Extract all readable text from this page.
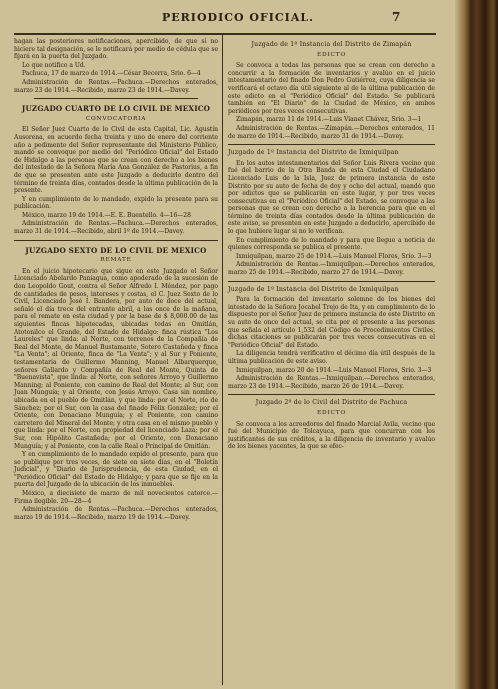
PERIODICO OFICIAL.	7

hagan las posteriores notificaciones, apercibido, de que si no hiciere tal designación, se le notificará por medio de cédula que se fijará en la puerta del Juzgado.

Lo que notifico a Ud.

Pachuca, 17 de marzo de 1914.—César Becerra, Srio. 6—4

Administración de Rentas.—Pachuca.—Derechos enterados, marzo 23 de 1914.—Recibido, marzo 23 de 1914.—Davey.

JUZGADO CUARTO DE LO CIVIL DE MEXICO
CONVOCATORIA

El Señor Juez Cuarto de lo Civil de esta Capital, Lic. Agustín Ausorena, en acuerdo fecha treinta y uno de enero del corriente año a pedimento del Señor representante del Ministerio Público, mandó se convoque por medio del "Periódico Oficial" del Estado de Hidalgo a las personas que se crean con derecho a los bienes del intestado de la Señora María Ana González de Pastorius, a fin de que se presenten ante este Juzgado a deducirlo dentro del término de treinta días, contados desde la última publicación de la presente.

Y en cumplimiento de lo mandado, expido la presente para su publicación.

México, marzo 19 de 1914.—E. E. Buentello. 4—16—28

Administración de Rentas.—Pachuca.—Derechos enterados, marzo 31 de 1914.—Recibido, abril 1º de 1914.—Davey.

JUZGADO SEXTO DE LO CIVIL DE MEXICO
REMATE

En el juicio hipotecario que sigue en este Juzgado el Señor Licenciado Abelardo Paniagua, como apoderado de la sucesión de don Leopoldo Gout, contra el Señor Alfredo I. Méndez, por pago de cantidades de pesos, intereses y costas, el C. Juez Sexto de lo Civil, Licenciado José I. Bandera, por auto de doce del actual, señaló el día trece del entrante abril, a las once de la mañana, para el remate en esta ciudad y por la base de $ 8,000.00 de las siguientes fincas hipotecadas, ubicadas todas en Omitlán, Atotonilco el Grande, del Estado de Hidalgo: finca rústica "Los Laureles" que linda: al Norte, con terrenos de la Compañía de Real del Monte, de Manuel Bustamante, Sotero Castañeda y finca "La Venta"; al Oriente, finca de "La Venta"; y al Sur y Poniente, testamentaría de Guillermo Manning, Manuel Albarquerque, señores Gallardo y Compañía de Real del Monte, Quinta de "Buenavista", que linda: al Norte, con señores Arroyo y Guillermo Manning; al Poniente, con camino de Real del Monte; al Sur, con Juan Munguía; y al Oriente, con Jesús Arroyo. Casa sin nombre, ubicada en el pueblo de Omitlán, y que linda: por el Norte, río de Sánchez; por el Sur, con la casa del finado Félix González; por el Oriente, con Donaciano Munguía; y el Poniente, con camino carretero del Mineral del Monte; y otra casa en el mismo pueblo y que linda: por el Norte, con propiedad del licenciado Laza; por el Sur, con Hipólito Castañeda; por el Oriente, con Donaciano Munguía; y al Poniente, con la calle Real o Principal de Omitlán.

Y en cumplimiento de lo mandado expido el presente, para que se publique por tres veces, de siete en siete días, en el "Boletín Judicial", y "Diario de Jurisprudencia, de esta Ciudad, en el "Periódico Oficial" del Estado de Hidalgo; y para que se fije en la puerta del Juzgado de la ubicación de los inmuebles.

México, a diecisiete de marzo de mil novecientos catorce.—Firma ilegible. 20—28—4

Administración de Rentas.—Pachuca.—Derechos enterados, marzo 19 de 1914.—Recibido, marzo 19 de 1914.—Davey.

Juzgado de 1º Instancia del Distrito de Zimapán
EDICTO

Se convoca a todas las personas que se crean con derecho a concurrir a la formación de inventarios y avalúo en el juicio intestamentario del finado Don Pedro Gutiérrez, cuya diligencia se verificará el octavo día útil siguiente al de la última publicación de este edicto en el "Periódico Oficial" del Estado. Se publicará también en "El Diario" de la Ciudad de México, en ambos periódicos por tres veces consecutivas.

Zimapán, marzo 11 de 1914.—Luis Vianet Chávez, Srio. 3—1

Administración de Rentas.—Zimapán.—Derechos enterados, 11 de marzo de 1914.—Recibido, marzo 31 de 1914.—Davey.

Juzgado de 1º Instancia del Distrito de Ixmiquilpan

En los autos intestamentarios del Señor Luis Rivera vecino que fué del barrio de la Otra Banda de esta Ciudad el Ciudadano Licenciado Luis de la Isla, Juez de primera instancia de este Distrito por su auto de fecha de doy y ocho del actual, mandó que por edictos que se publicarán en este lugar, y por tres veces consecutivas en el "Periódico Oficial" del Estado, se convoque a las personas que se crean con derecho a la herencia para que en el término de treinta días contados desde la última publicación de este aviso, se presenten en este Juzgado a deducirlo, apercibido de lo que hubiere lugar si no lo verifican.

En cumplimiento de lo mandado y para que llegue a noticia de quienes corresponda se publica el presente.

Ixmiquilpan, marzo 25 de 1914.—Luis Manuel Flores, Srio. 3—3

Administración de Rentas.—Ixmiquilpan.—Derechos enterados, marzo 25 de 1914.—Recibido, marzo 27 de 1914.—Davey.

Juzgado de 1º Instancia del Distrito de Ixmiquilpan

Para la formación del inventario solemne de los bienes del intestado de la Señora Jocabel Trejo de Ita, y en cumplimiento de lo dispuesto por el Señor Juez de primera instancia de este Distrito en su auto de once del actual, se cita por el presente a las personas que señala el artículo 1,532 del Código de Procedimientos Civiles, dichas citaciones se publicarán por tres veces consecutivas en el "Periódico Oficial" del Estado.

La diligencia tendrá verificativo el décimo día útil después de la última publicación de este aviso.

Ixmiquilpan, marzo 20 de 1914.—Luis Manuel Flores, Srio. 3—3

Administración de Rentas.—Ixmiquilpan.—Derechos enterados, marzo 23 de 1914.—Recibido, marzo 26 de 1914.—Davey.

Juzgado 2º de lo Civil del Distrito de Pachuca
EDICTO

Se convoca a los acreedores del finado Marcial Avila, vecino que fué del Municipio de Tolcayuca, para que concurran con los justificantes de sus créditos, a la diligencia de inventario y avalúo de los bienes yacentes, la que se efec-
